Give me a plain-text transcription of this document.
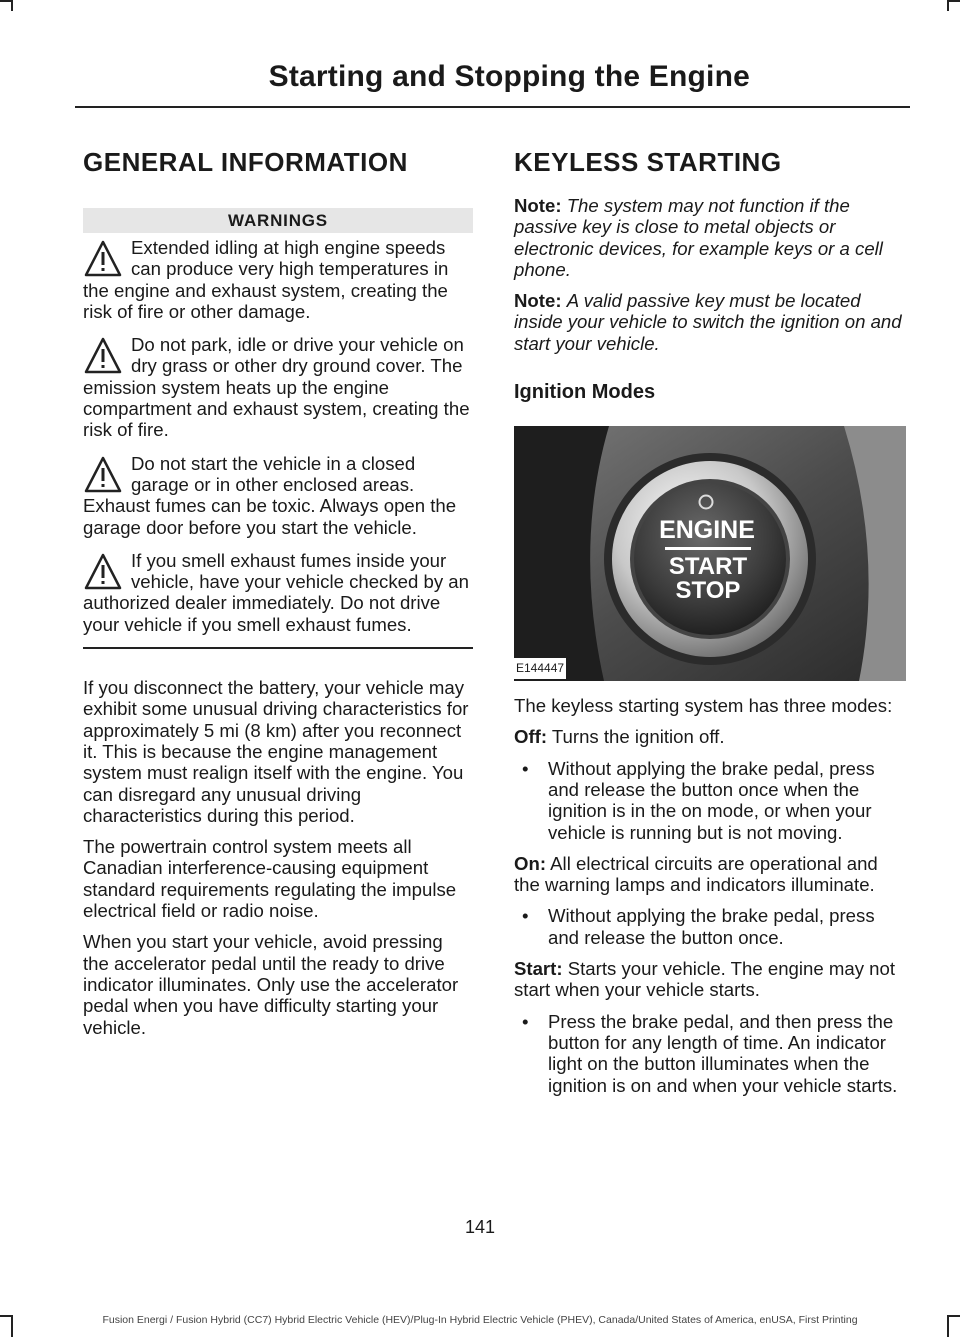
Starting and Stopping the Engine
GENERAL INFORMATION
WARNINGS

Extended idling at high engine speeds can produce very high temperatures in the engine and exhaust system, creating the risk of fire or other damage.

Do not park, idle or drive your vehicle on dry grass or other dry ground cover. The emission system heats up the engine compartment and exhaust system, creating the risk of fire.

Do not start the vehicle in a closed garage or in other enclosed areas. Exhaust fumes can be toxic. Always open the garage door before you start the vehicle.

If you smell exhaust fumes inside your vehicle, have your vehicle checked by an authorized dealer immediately. Do not drive your vehicle if you smell exhaust fumes.

If you disconnect the battery, your vehicle may exhibit some unusual driving characteristics for approximately 5 mi (8 km) after you reconnect it. This is because the engine management system must realign itself with the engine. You can disregard any unusual driving characteristics during this period.

The powertrain control system meets all Canadian interference-causing equipment standard requirements regulating the impulse electrical field or radio noise.

When you start your vehicle, avoid pressing the accelerator pedal until the ready to drive indicator illuminates. Only use the accelerator pedal when you have difficulty starting your vehicle.

KEYLESS STARTING

Note: The system may not function if the passive key is close to metal objects or electronic devices, for example keys or a cell phone.

Note: A valid passive key must be located inside your vehicle to switch the ignition on and start your vehicle.

Ignition Modes
ENGINE
START
STOP
E144447

The keyless starting system has three modes:

Off: Turns the ignition off.

• Without applying the brake pedal, press and release the button once when the ignition is in the on mode, or when your vehicle is running but is not moving.

On: All electrical circuits are operational and the warning lamps and indicators illuminate.

• Without applying the brake pedal, press and release the button once.

Start: Starts your vehicle. The engine may not start when your vehicle starts.

• Press the brake pedal, and then press the button for any length of time. An indicator light on the button illuminates when the ignition is on and when your vehicle starts.
141
Fusion Energi / Fusion Hybrid (CC7) Hybrid Electric Vehicle (HEV)/Plug-In Hybrid Electric Vehicle (PHEV), Canada/United States of America, enUSA, First Printing
